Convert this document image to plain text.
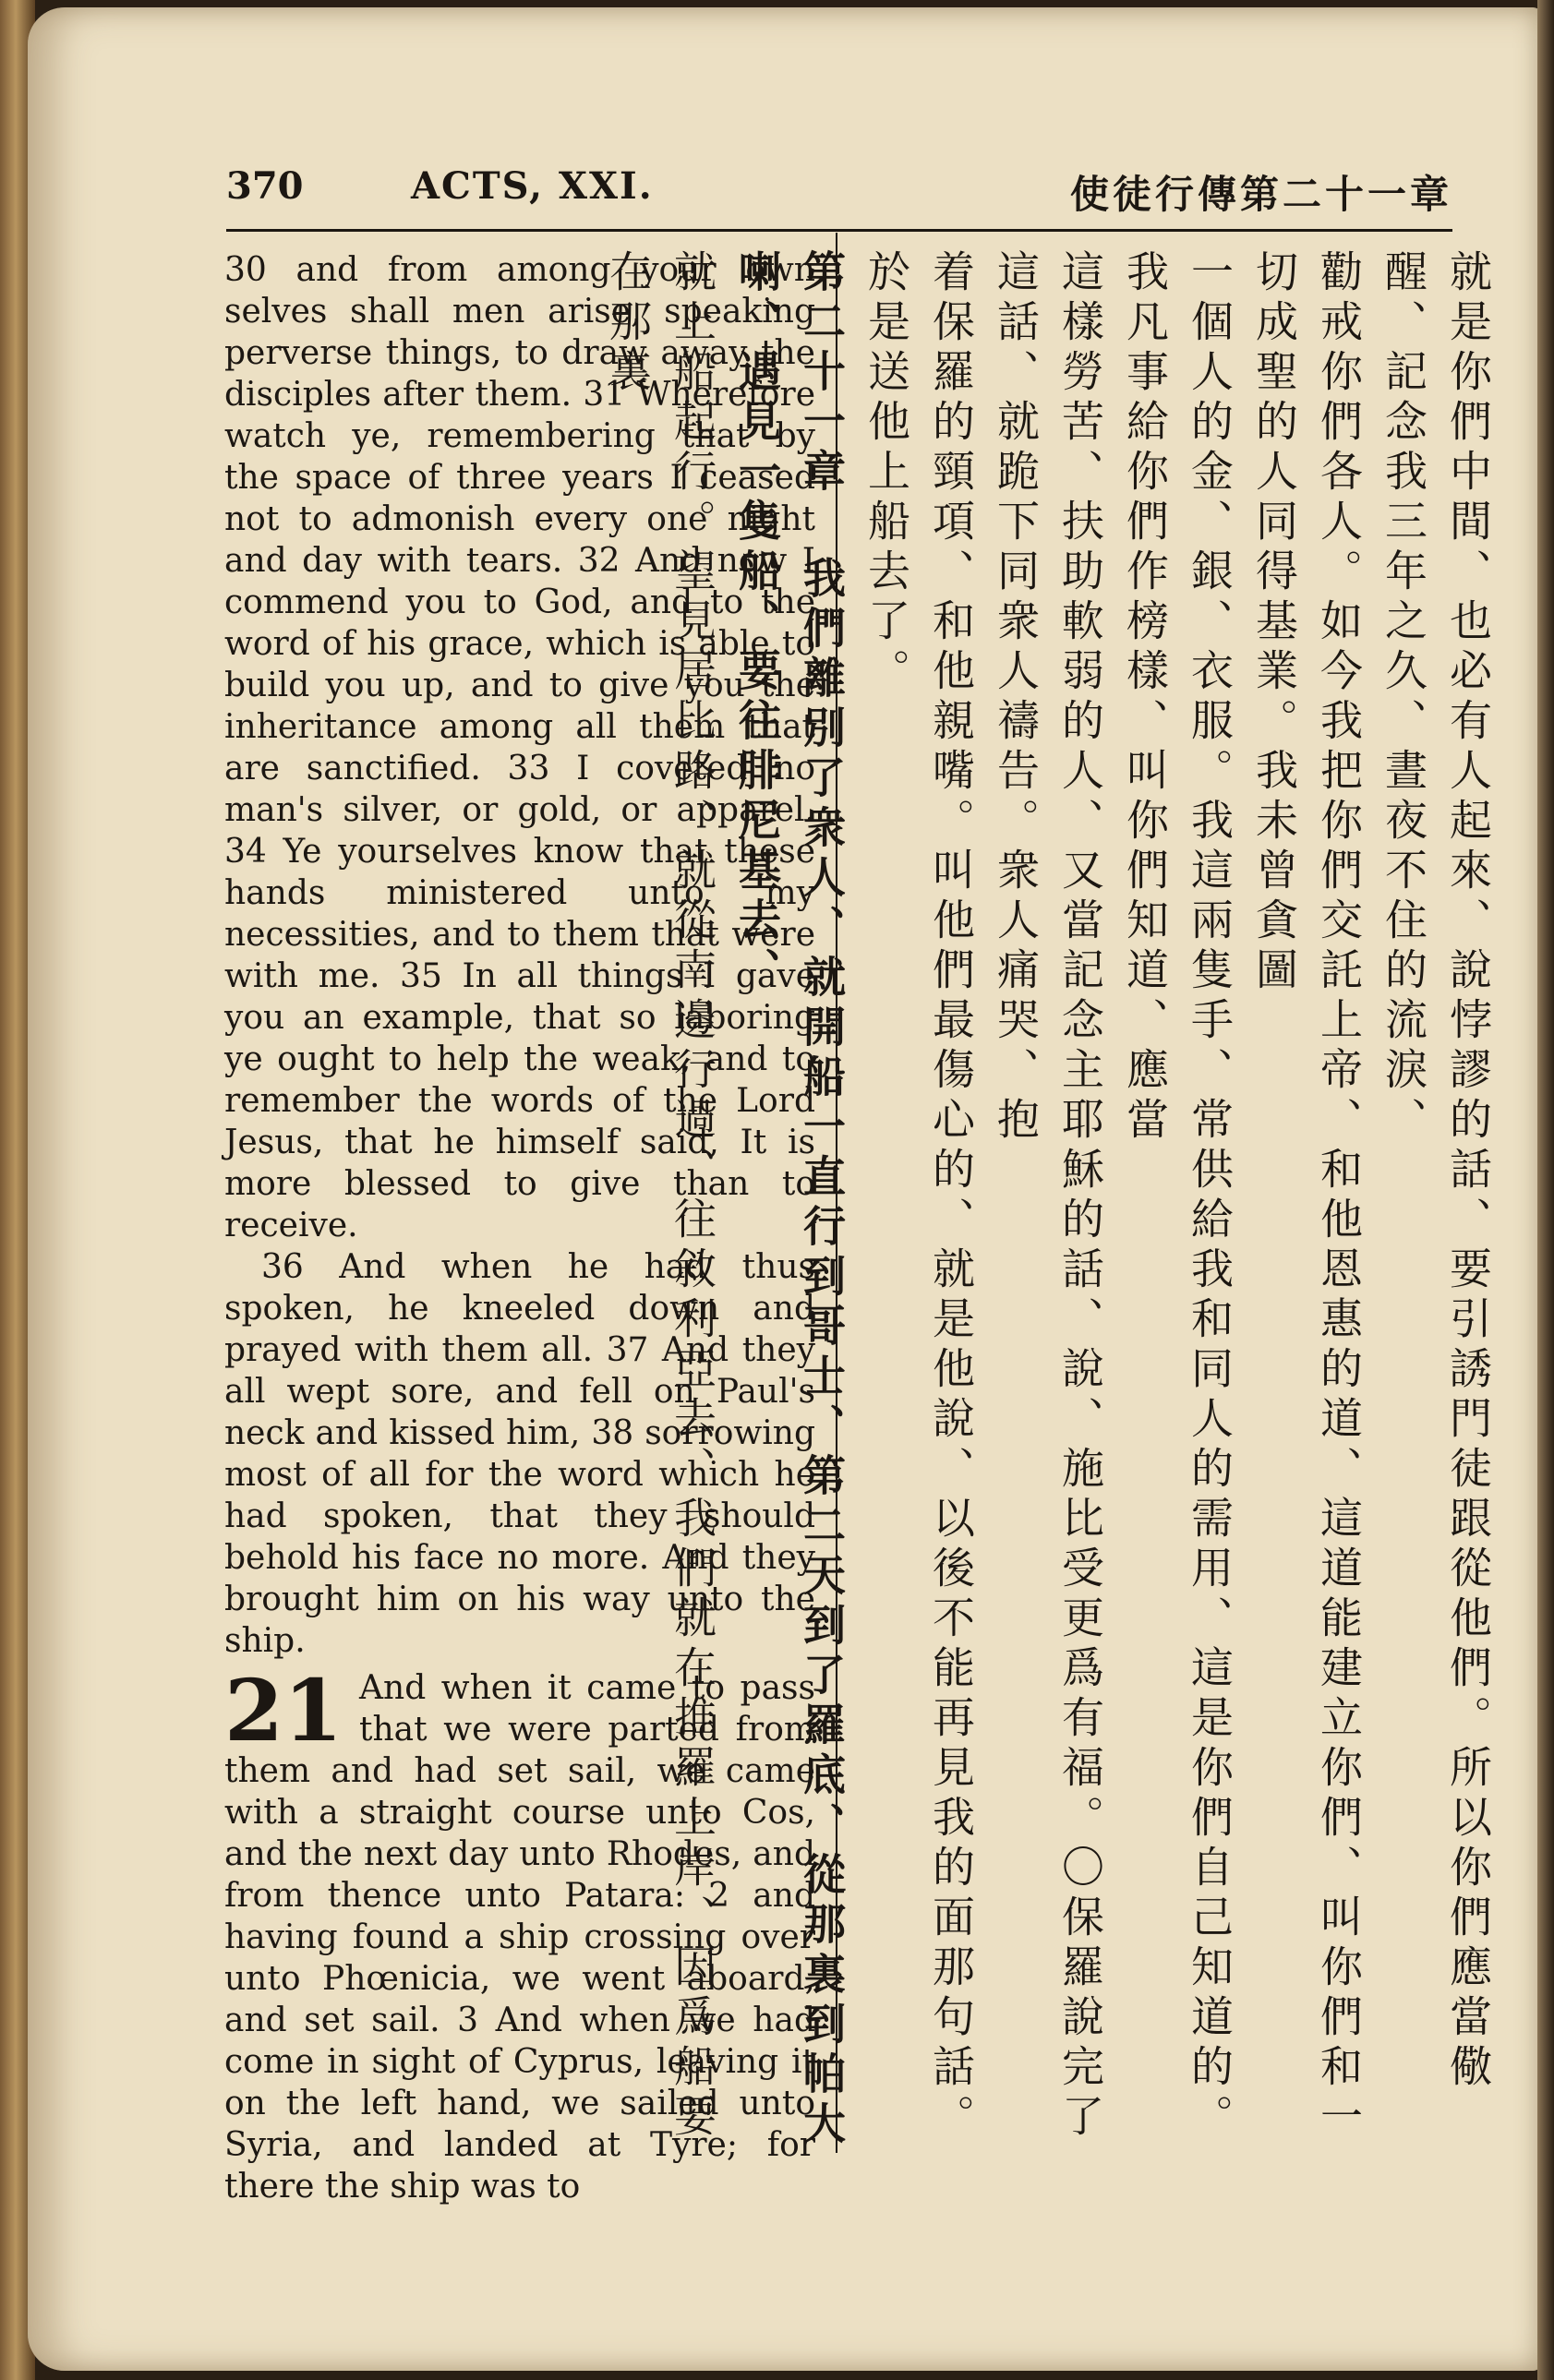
370	ACTS, XXI.	使徒行傳第二十一章

30 and from among your own selves shall men arise, speaking perverse things, to draw away the disciples after them. 31 Wherefore watch ye, remembering that by the space of three years I ceased not to admonish every one night and day with tears. 32 And now I commend you to God, and to the word of his grace, which is able to build you up, and to give you the inheritance among all them that are sanctified. 33 I coveted no man's silver, or gold, or apparel. 34 Ye yourselves know that these hands ministered unto my necessities, and to them that were with me. 35 In all things I gave you an example, that so laboring ye ought to help the weak, and to remember the words of the Lord Jesus, that he himself said, It is more blessed to give than to receive.

36 And when he had thus spoken, he kneeled down and prayed with them all. 37 And they all wept sore, and fell on Paul's neck and kissed him, 38 sorrowing most of all for the word which he had spoken, that they should behold his face no more. And they brought him on his way unto the ship.

21 And when it came to pass that we were parted from them and had set sail, we came with a straight course unto Cos, and the next day unto Rhodes, and from thence unto Patara: 2 and having found a ship crossing over unto Phœnicia, we went aboard, and set sail. 3 And when we had come in sight of Cyprus, leaving it on the left hand, we sailed unto Syria, and landed at Tyre; for there the ship was to

就是你們中間、也必有人起來、說悖謬的話、要引誘門徒跟從他們。所以你們應當儆醒、記念我三年之久、晝夜不住的流淚、
勸戒你們各人。如今我把你們交託上帝、和他恩惠的道、這道能建立你們、叫你們和一切成聖的人同得基業。我未曾貪圖
一個人的金、銀、衣服。我這兩隻手、常供給我和同人的需用、這是你們自己知道的。我凡事給你們作榜樣、叫你們知道、應當
這樣勞苦、扶助軟弱的人、又當記念主耶穌的話、說、施比受更爲有福。〇保羅說完了這話、就跪下同衆人禱告。衆人痛哭、抱
着保羅的頸項、和他親嘴。叫他們最傷心的、就是他說、以後不能再見我的面那句話。於是送他上船去了。
第二十一章 我們離別了衆人、就開船一直行到哥士、第二天到了羅底、從那裏到帕大喇、遇見一隻船、要往腓尼基去、
就上船起行。望見居比路、就從南邊行過、往敘利亞去、我們就在推羅上岸、因爲船要在那裏
